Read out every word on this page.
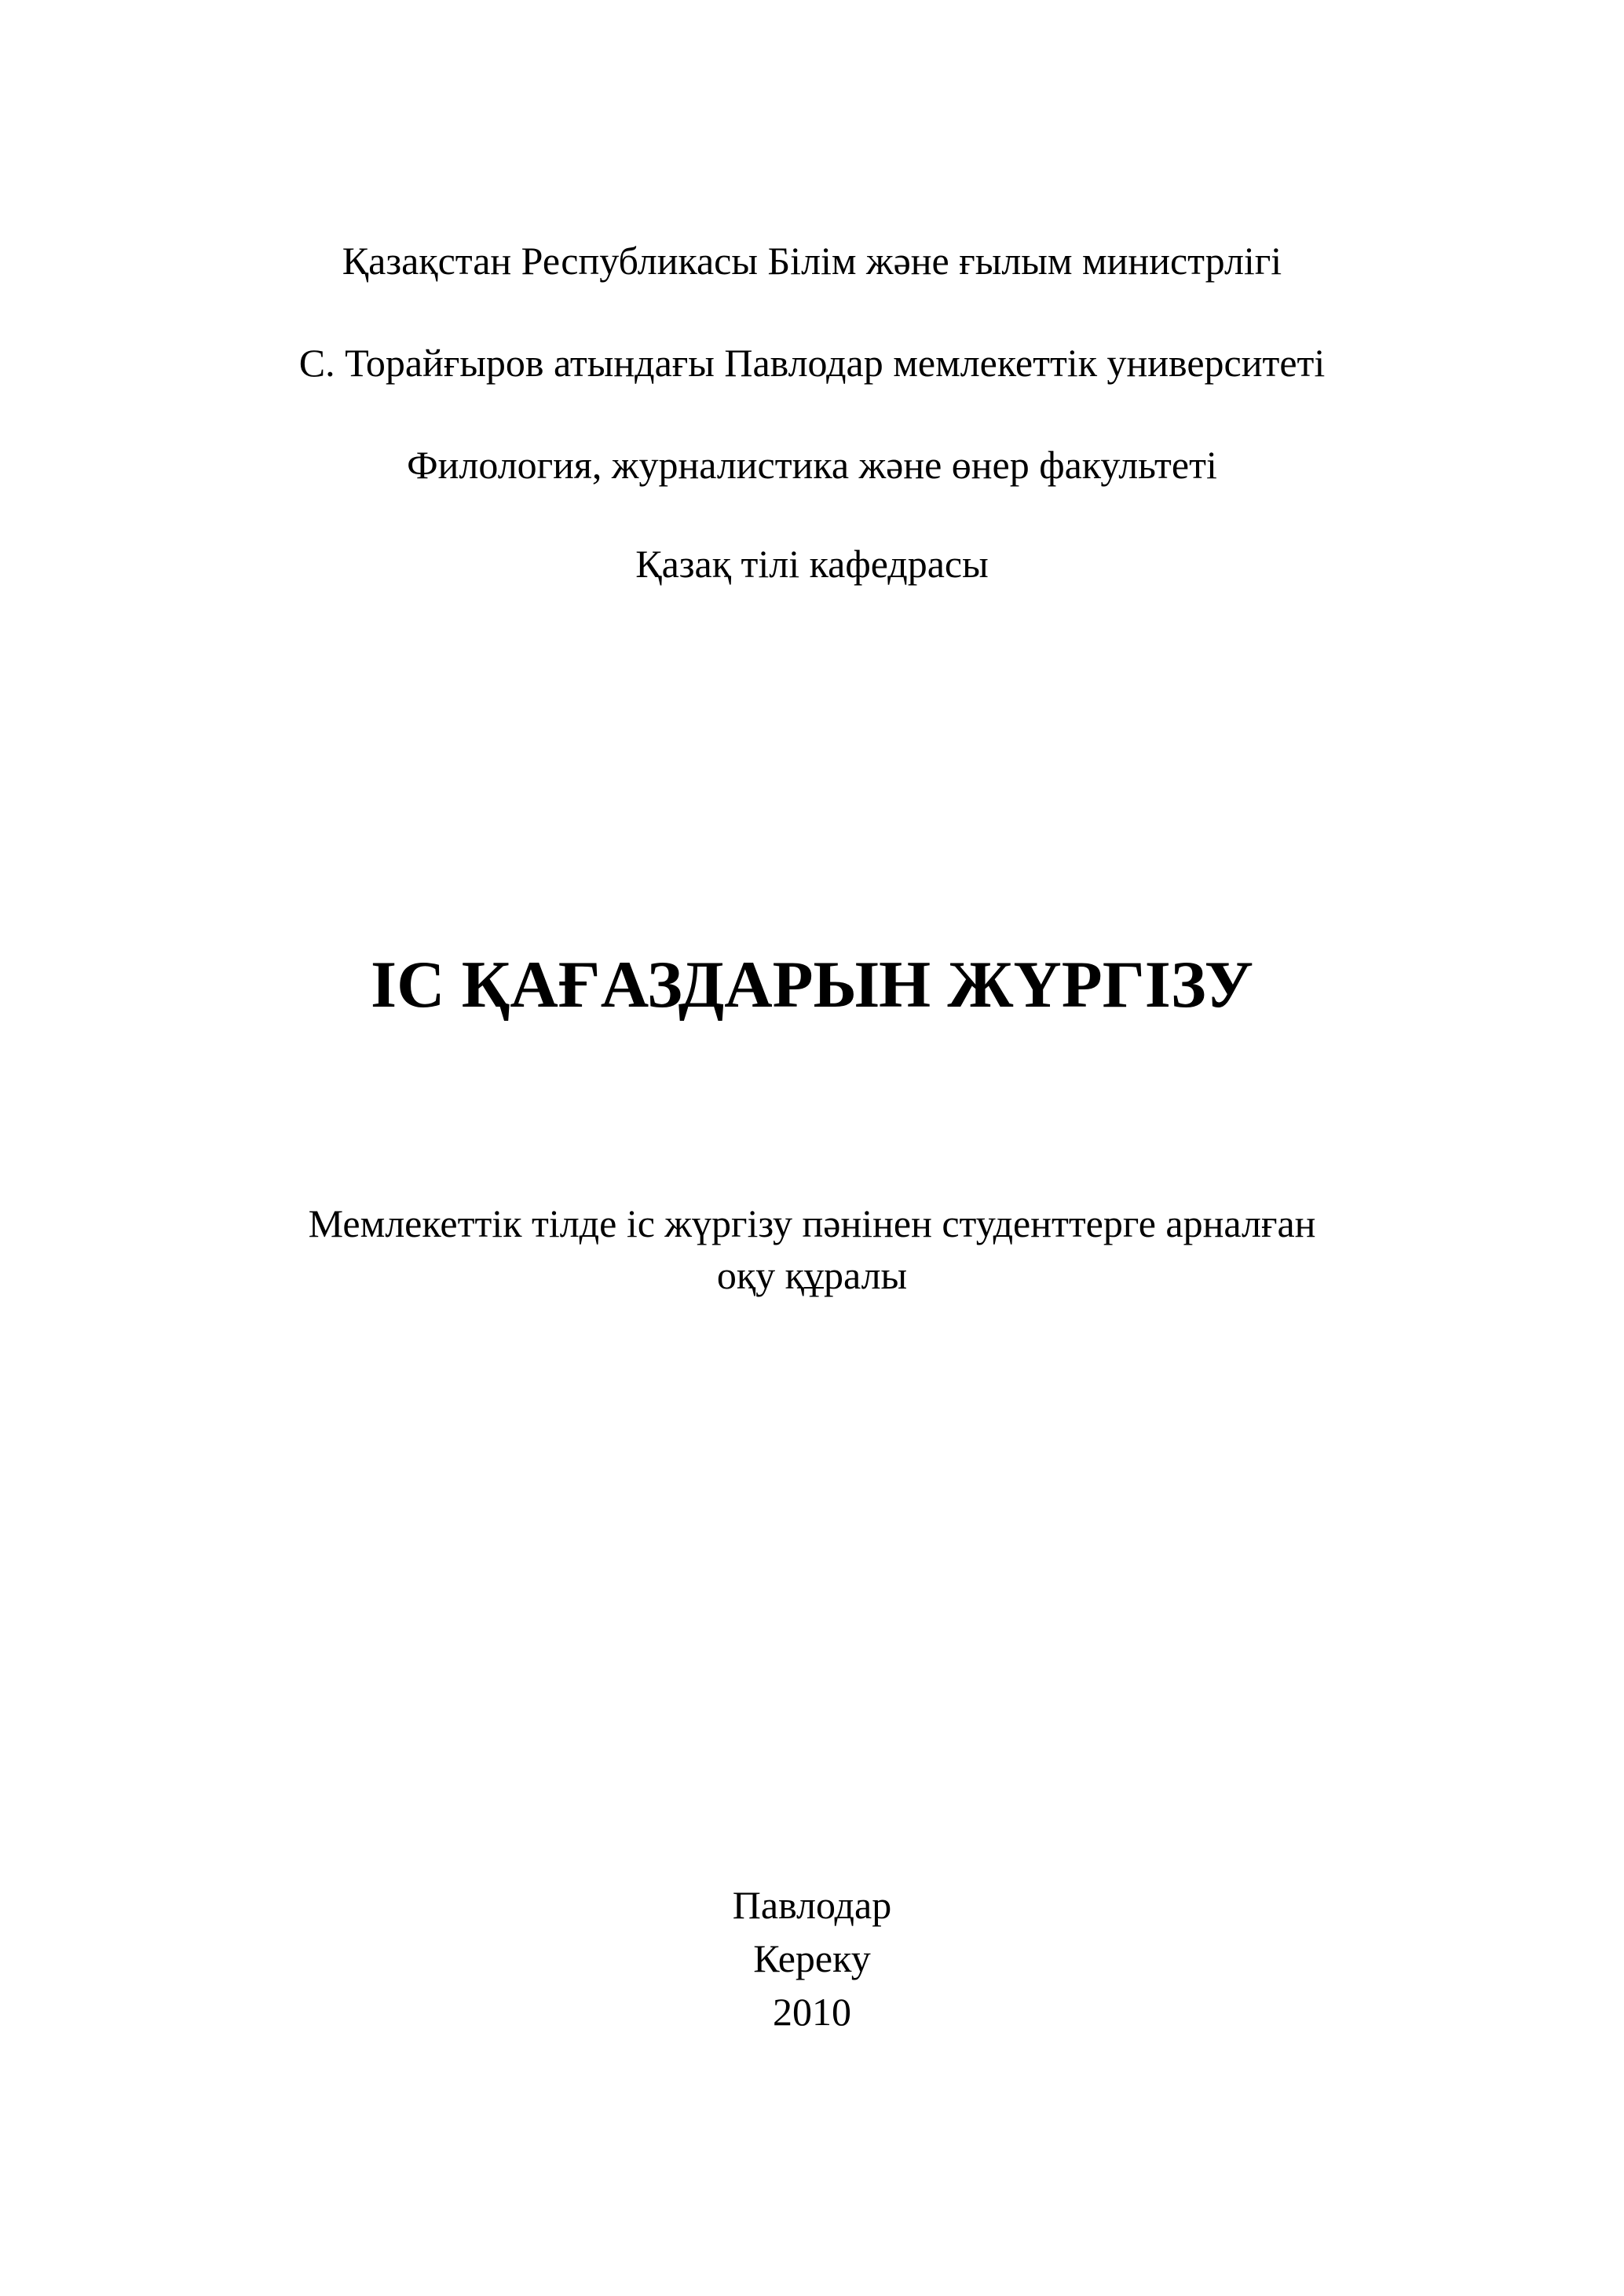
Қазақстан Республикасы Білім және ғылым министрлігі
С. Торайғыров атындағы Павлодар мемлекеттік университеті
Филология, журналистика және өнер факультеті
Қазақ тілі кафедрасы
ІС ҚАҒАЗДАРЫН ЖҮРГІЗУ
Мемлекеттік тілде іс жүргізу пәнінен студенттерге арналған
оқу құралы
Павлодар
Кереку
2010
